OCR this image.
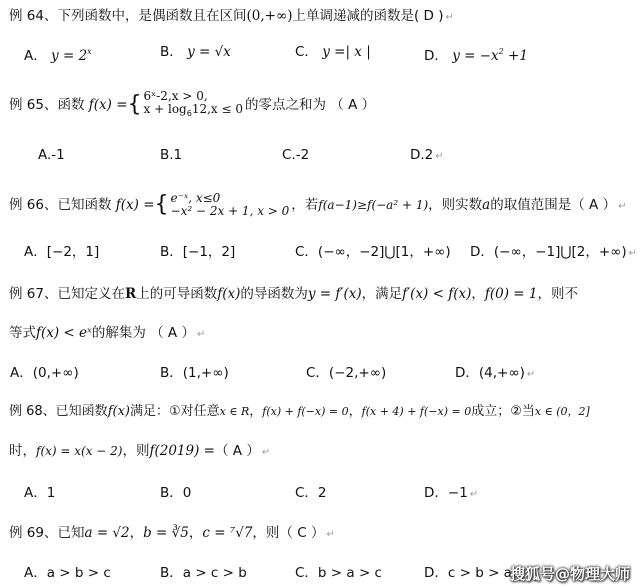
例 64、下列函数中，是偶函数且在区间(0,+∞)上单调递减的函数是( D ) ↵
A． $y = 2^x$	B． y = √x	C． y =| x |	D． $y = -x^2 +1$
例 65、函数 f(x) ={ 6ˣ-2,x > 0,
$x + \log_612,x \le 0$ 的零点之和为 （ A ）
A.-1	B.1	C.-2	D.2 ↵
例 66、已知函数 f(x) ={ e⁻ˣ, x≤0
−x² − 2x + 1, x > 0 ，若f(a−1)≥f(−a² + 1)，则实数a的取值范围是（ A ） ↵
A．[−2，1]	B．[−1，2]	C．(−∞，−2]⋃[1，+∞) D．(−∞，−1]⋃[2，+∞) ↵
例 67、已知定义在R上的可导函数f(x)的导函数为y = f′(x)，满足f′(x) < f(x)，f(0) = 1，则不
等式f(x) < eˣ的解集为 （ A ） ↵
A．(0,+∞)	B．(1,+∞)	C．(−2,+∞)	D．(4,+∞) ↵
例 68、已知函数f(x)满足：①对任意x ∈ R，f(x) + f(−x) = 0，f(x + 4) + f(−x) = 0成立；②当x ∈ (0，2]
时，f(x) = x(x − 2)，则f(2019) =（ A ） ↵
A．1	B．0	C．2	D．−1 ↵
例 69、已知a = √2，b = ∛5，c = ⁷√7，则（ C ） ↵
A．a > b > c	B．a > c > b	C．b > a > c	D．c > b > a
搜狐号@物理大师
